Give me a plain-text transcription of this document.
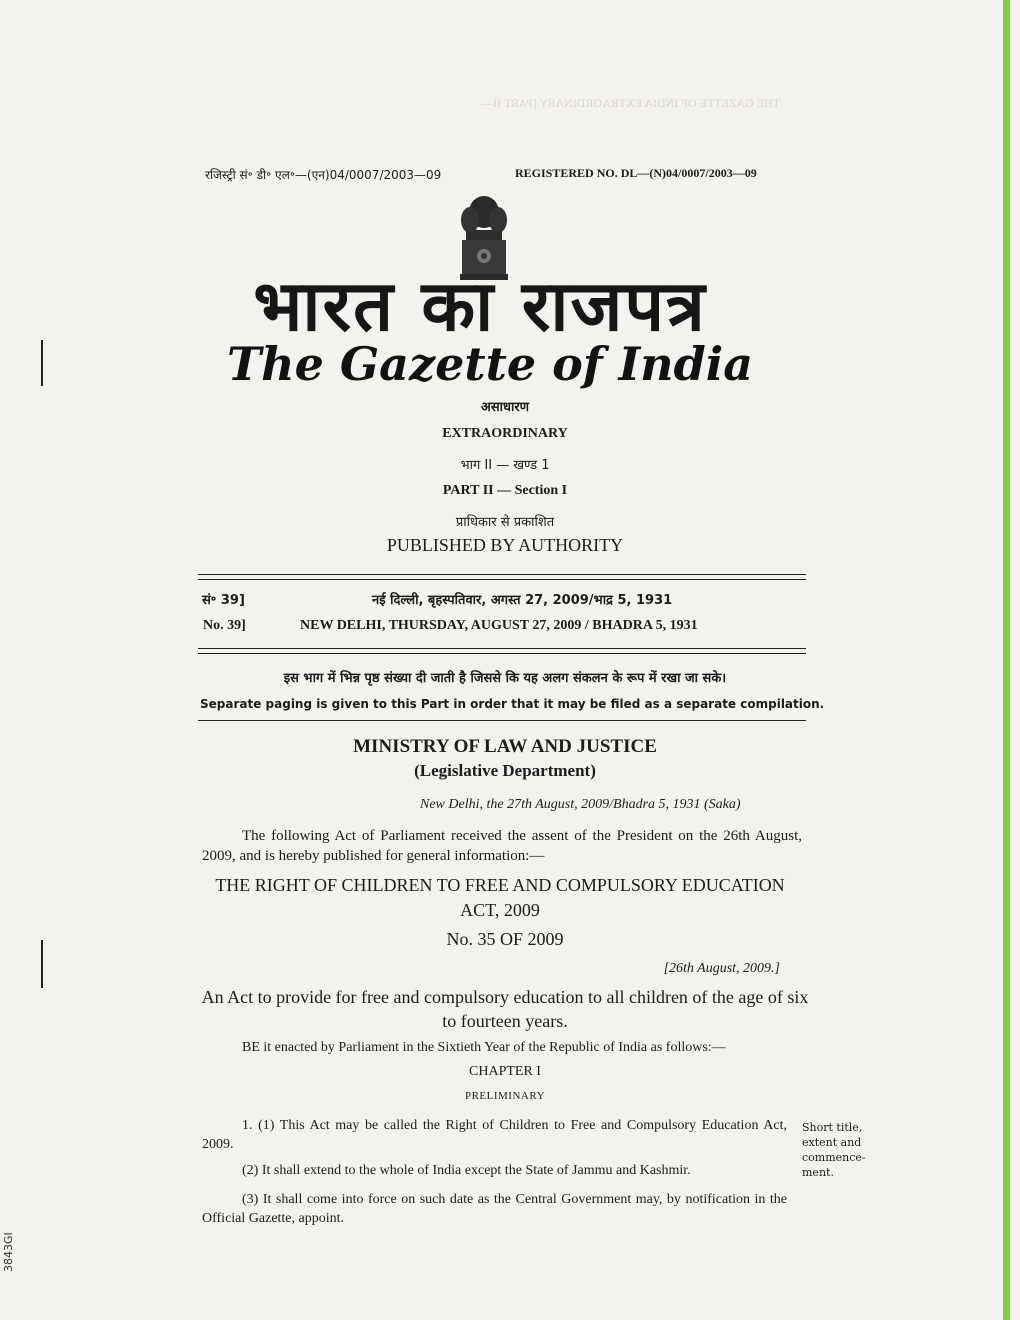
3843GI
THE GAZETTE OF INDIA EXTRAORDINARY [PART II—
रजिस्ट्री सं॰ डी॰ एल॰—(एन)04/0007/2003—09	REGISTERED NO. DL—(N)04/0007/2003—09
भारत का राजपत्र
The Gazette of India
असाधारण
EXTRAORDINARY
भाग II — खण्ड 1
PART II — Section I
प्राधिकार से प्रकाशित
PUBLISHED BY AUTHORITY
सं॰ 39]	नई दिल्ली, बृहस्पतिवार, अगस्त 27, 2009/भाद्र 5, 1931
No. 39]	NEW DELHI, THURSDAY, AUGUST 27, 2009 / BHADRA 5, 1931
इस भाग में भिन्न पृष्ठ संख्या दी जाती है जिससे कि यह अलग संकलन के रूप में रखा जा सके।
Separate paging is given to this Part in order that it may be filed as a separate compilation.
MINISTRY OF LAW AND JUSTICE
(Legislative Department)
New Delhi, the 27th August, 2009/Bhadra 5, 1931 (Saka)
The following Act of Parliament received the assent of the President on the 26th August, 2009, and is hereby published for general information:—
THE RIGHT OF CHILDREN TO FREE AND COMPULSORY EDUCATION ACT, 2009
No. 35 OF 2009
[26th August, 2009.]
An Act to provide for free and compulsory education to all children of the age of six to fourteen years.
BE it enacted by Parliament in the Sixtieth Year of the Republic of India as follows:—
CHAPTER I
PRELIMINARY
1. (1) This Act may be called the Right of Children to Free and Compulsory Education Act, 2009.
(2) It shall extend to the whole of India except the State of Jammu and Kashmir.
(3) It shall come into force on such date as the Central Government may, by notification in the Official Gazette, appoint.
Short title, extent and commence-ment.
